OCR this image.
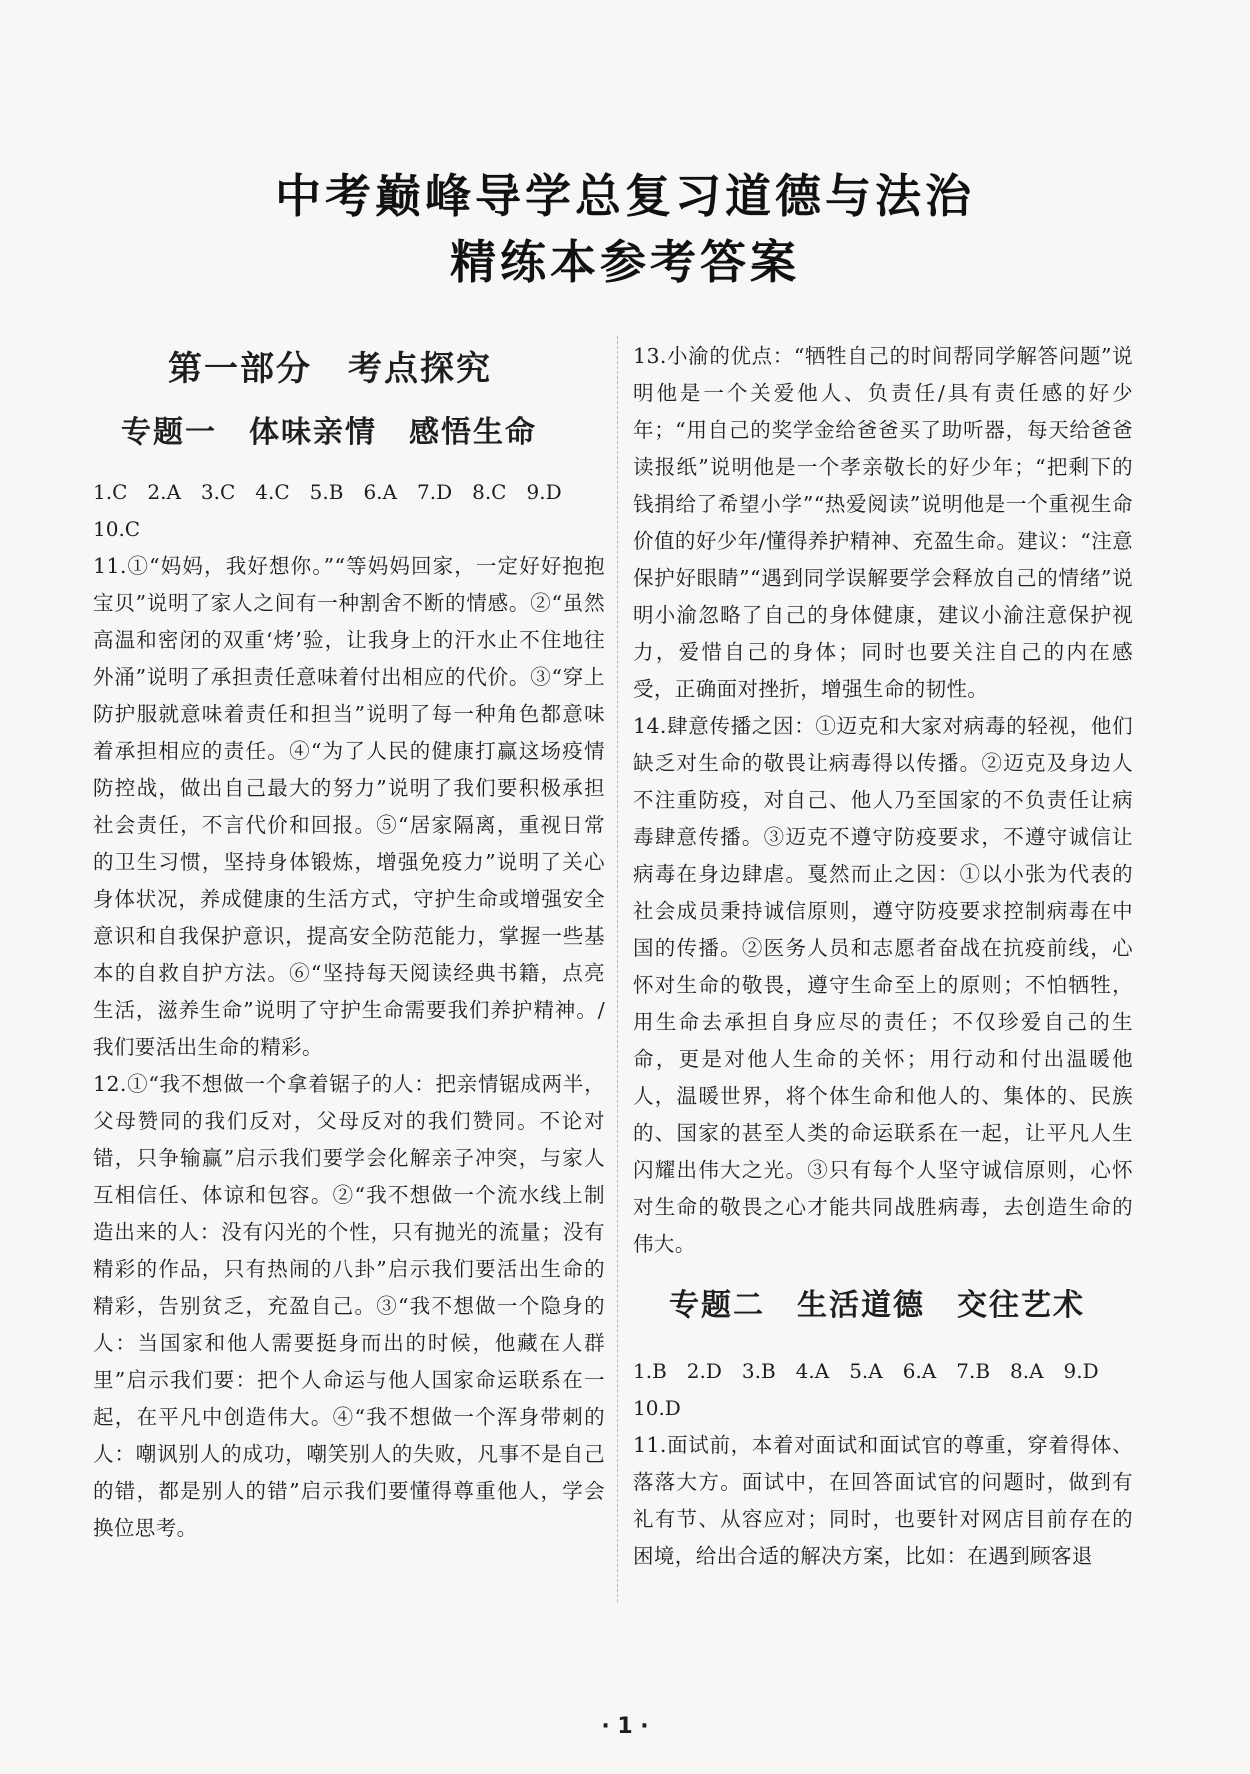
中考巅峰导学总复习道德与法治
精练本参考答案
第一部分　考点探究
专题一　体味亲情　感悟生命
1.C　2.A　3.C　4.C　5.B　6.A　7.D　8.C　9.D　10.C
11.①“妈妈，我好想你。”“等妈妈回家，一定好好抱抱宝贝”说明了家人之间有一种割舍不断的情感。②“虽然高温和密闭的双重‘烤’验，让我身上的汗水止不住地往外涌”说明了承担责任意味着付出相应的代价。③“穿上防护服就意味着责任和担当”说明了每一种角色都意味着承担相应的责任。④“为了人民的健康打赢这场疫情防控战，做出自己最大的努力”说明了我们要积极承担社会责任，不言代价和回报。⑤“居家隔离，重视日常的卫生习惯，坚持身体锻炼，增强免疫力”说明了关心身体状况，养成健康的生活方式，守护生命或增强安全意识和自我保护意识，提高安全防范能力，掌握一些基本的自救自护方法。⑥“坚持每天阅读经典书籍，点亮生活，滋养生命”说明了守护生命需要我们养护精神。/我们要活出生命的精彩。
12.①“我不想做一个拿着锯子的人：把亲情锯成两半，父母赞同的我们反对，父母反对的我们赞同。不论对错，只争输赢”启示我们要学会化解亲子冲突，与家人互相信任、体谅和包容。②“我不想做一个流水线上制造出来的人：没有闪光的个性，只有抛光的流量；没有精彩的作品，只有热闹的八卦”启示我们要活出生命的精彩，告别贫乏，充盈自己。③“我不想做一个隐身的人：当国家和他人需要挺身而出的时候，他藏在人群里”启示我们要：把个人命运与他人国家命运联系在一起，在平凡中创造伟大。④“我不想做一个浑身带刺的人：嘲讽别人的成功，嘲笑别人的失败，凡事不是自己的错，都是别人的错”启示我们要懂得尊重他人，学会换位思考。
13.小渝的优点：“牺牲自己的时间帮同学解答问题”说明他是一个关爱他人、负责任/具有责任感的好少年；“用自己的奖学金给爸爸买了助听器，每天给爸爸读报纸”说明他是一个孝亲敬长的好少年；“把剩下的钱捐给了希望小学”“热爱阅读”说明他是一个重视生命价值的好少年/懂得养护精神、充盈生命。建议：“注意保护好眼睛”“遇到同学误解要学会释放自己的情绪”说明小渝忽略了自己的身体健康，建议小渝注意保护视力，爱惜自己的身体；同时也要关注自己的内在感受，正确面对挫折，增强生命的韧性。
14.肆意传播之因：①迈克和大家对病毒的轻视，他们缺乏对生命的敬畏让病毒得以传播。②迈克及身边人不注重防疫，对自己、他人乃至国家的不负责任让病毒肆意传播。③迈克不遵守防疫要求，不遵守诚信让病毒在身边肆虐。戛然而止之因：①以小张为代表的社会成员秉持诚信原则，遵守防疫要求控制病毒在中国的传播。②医务人员和志愿者奋战在抗疫前线，心怀对生命的敬畏，遵守生命至上的原则；不怕牺牲，用生命去承担自身应尽的责任；不仅珍爱自己的生命，更是对他人生命的关怀；用行动和付出温暖他人，温暖世界，将个体生命和他人的、集体的、民族的、国家的甚至人类的命运联系在一起，让平凡人生闪耀出伟大之光。③只有每个人坚守诚信原则，心怀对生命的敬畏之心才能共同战胜病毒，去创造生命的伟大。
专题二　生活道德　交往艺术
1.B　2.D　3.B　4.A　5.A　6.A　7.B　8.A　9.D　10.D
11.面试前，本着对面试和面试官的尊重，穿着得体、落落大方。面试中，在回答面试官的问题时，做到有礼有节、从容应对；同时，也要针对网店目前存在的困境，给出合适的解决方案，比如：在遇到顾客退
· 1 ·
